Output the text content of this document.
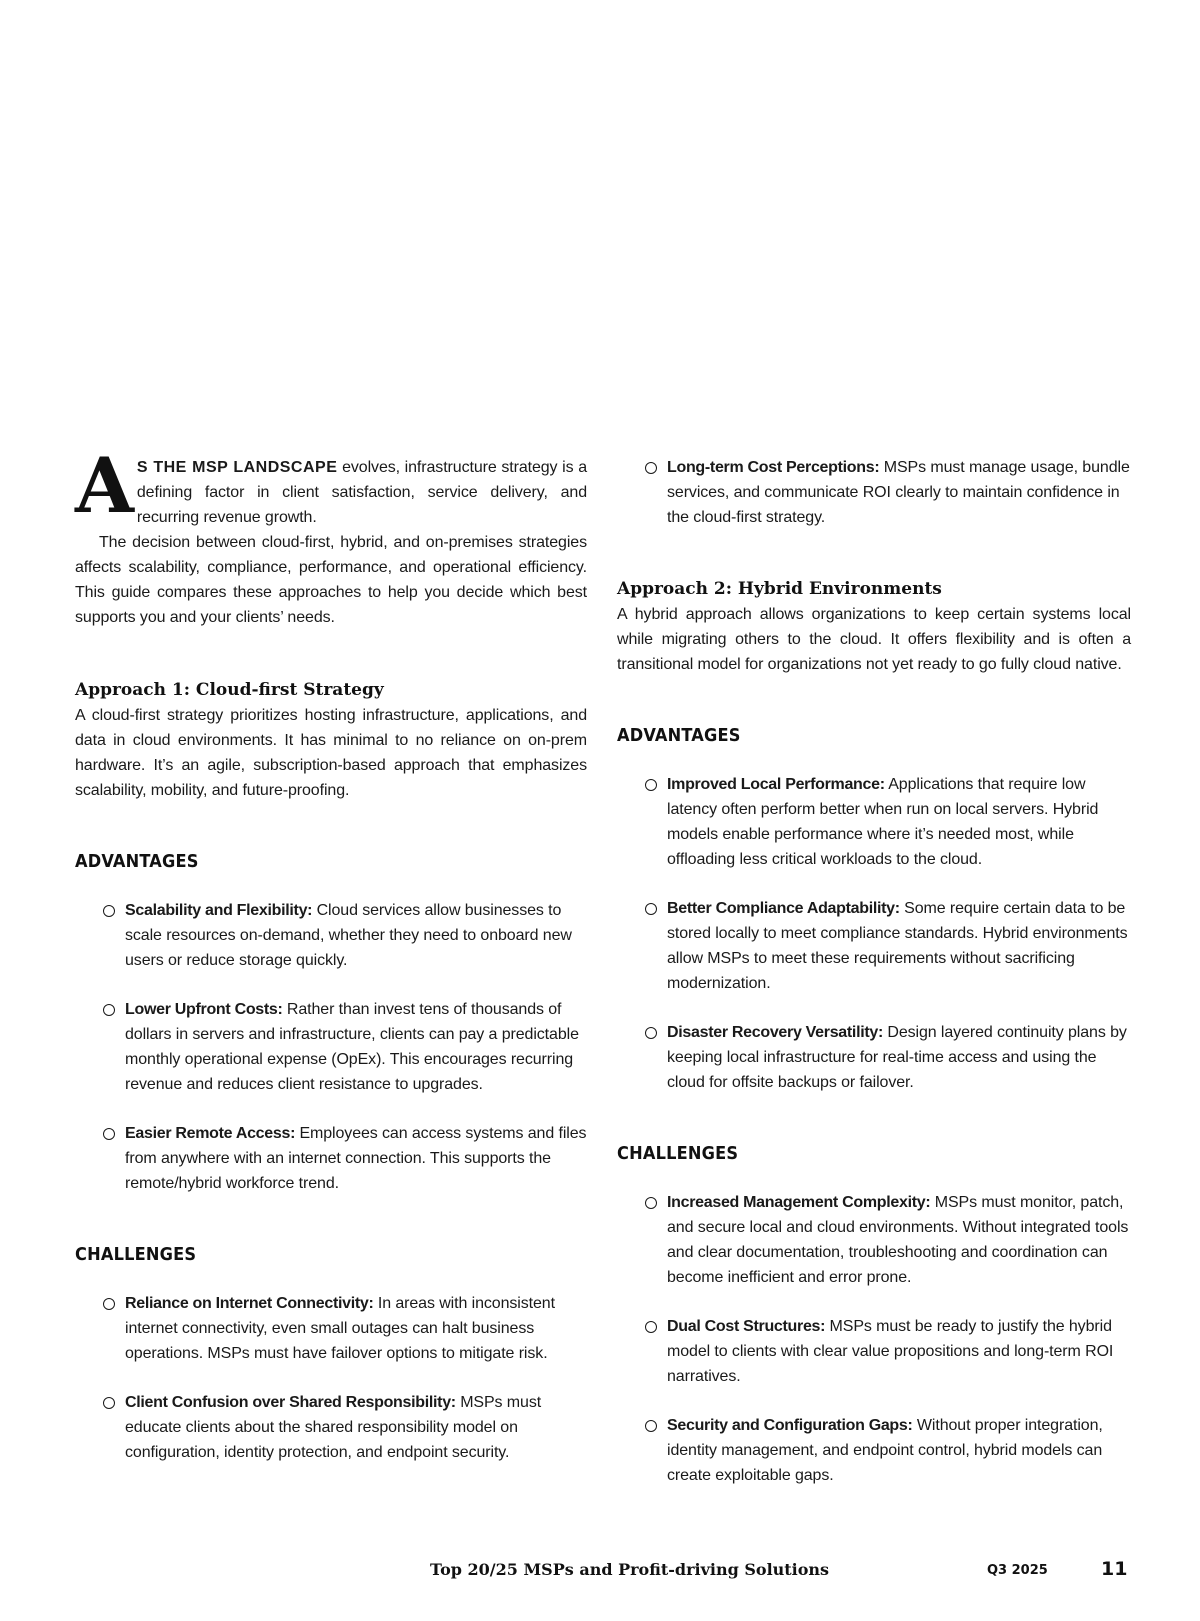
A S THE MSP LANDSCAPE evolves, infrastructure strategy is a defining factor in client satisfaction, service delivery, and recurring revenue growth.

The decision between cloud-first, hybrid, and on-premises strategies affects scalability, compliance, performance, and operational efficiency. This guide compares these approaches to help you decide which best supports you and your clients’ needs.

Approach 1: Cloud-first Strategy

A cloud-first strategy prioritizes hosting infrastructure, applications, and data in cloud environments. It has minimal to no reliance on on-prem hardware. It’s an agile, subscription-based approach that emphasizes scalability, mobility, and future-proofing.

ADVANTAGES
Scalability and Flexibility: Cloud services allow businesses to scale resources on-demand, whether they need to onboard new users or reduce storage quickly.
Lower Upfront Costs: Rather than invest tens of thousands of dollars in servers and infrastructure, clients can pay a predictable monthly operational expense (OpEx). This encourages recurring revenue and reduces client resistance to upgrades.
Easier Remote Access: Employees can access systems and files from anywhere with an internet connection. This supports the remote/hybrid workforce trend.
CHALLENGES
Reliance on Internet Connectivity: In areas with inconsistent internet connectivity, even small outages can halt business operations. MSPs must have failover options to mitigate risk.
Client Confusion over Shared Responsibility: MSPs must educate clients about the shared responsibility model on configuration, identity protection, and endpoint security.
Long-term Cost Perceptions: MSPs must manage usage, bundle services, and communicate ROI clearly to maintain confidence in the cloud-first strategy.
Approach 2: Hybrid Environments

A hybrid approach allows organizations to keep certain systems local while migrating others to the cloud. It offers flexibility and is often a transitional model for organizations not yet ready to go fully cloud native.

ADVANTAGES
Improved Local Performance: Applications that require low latency often perform better when run on local servers. Hybrid models enable performance where it’s needed most, while offloading less critical workloads to the cloud.
Better Compliance Adaptability: Some require certain data to be stored locally to meet compliance standards. Hybrid environments allow MSPs to meet these requirements without sacrificing modernization.
Disaster Recovery Versatility: Design layered continuity plans by keeping local infrastructure for real-time access and using the cloud for offsite backups or failover.
CHALLENGES
Increased Management Complexity: MSPs must monitor, patch, and secure local and cloud environments. Without integrated tools and clear documentation, troubleshooting and coordination can become inefficient and error prone.
Dual Cost Structures: MSPs must be ready to justify the hybrid model to clients with clear value propositions and long-term ROI narratives.
Security and Configuration Gaps: Without proper integration, identity management, and endpoint control, hybrid models can create exploitable gaps.
Top 20/25 MSPs and Profit-driving Solutions	Q3 2025	11
